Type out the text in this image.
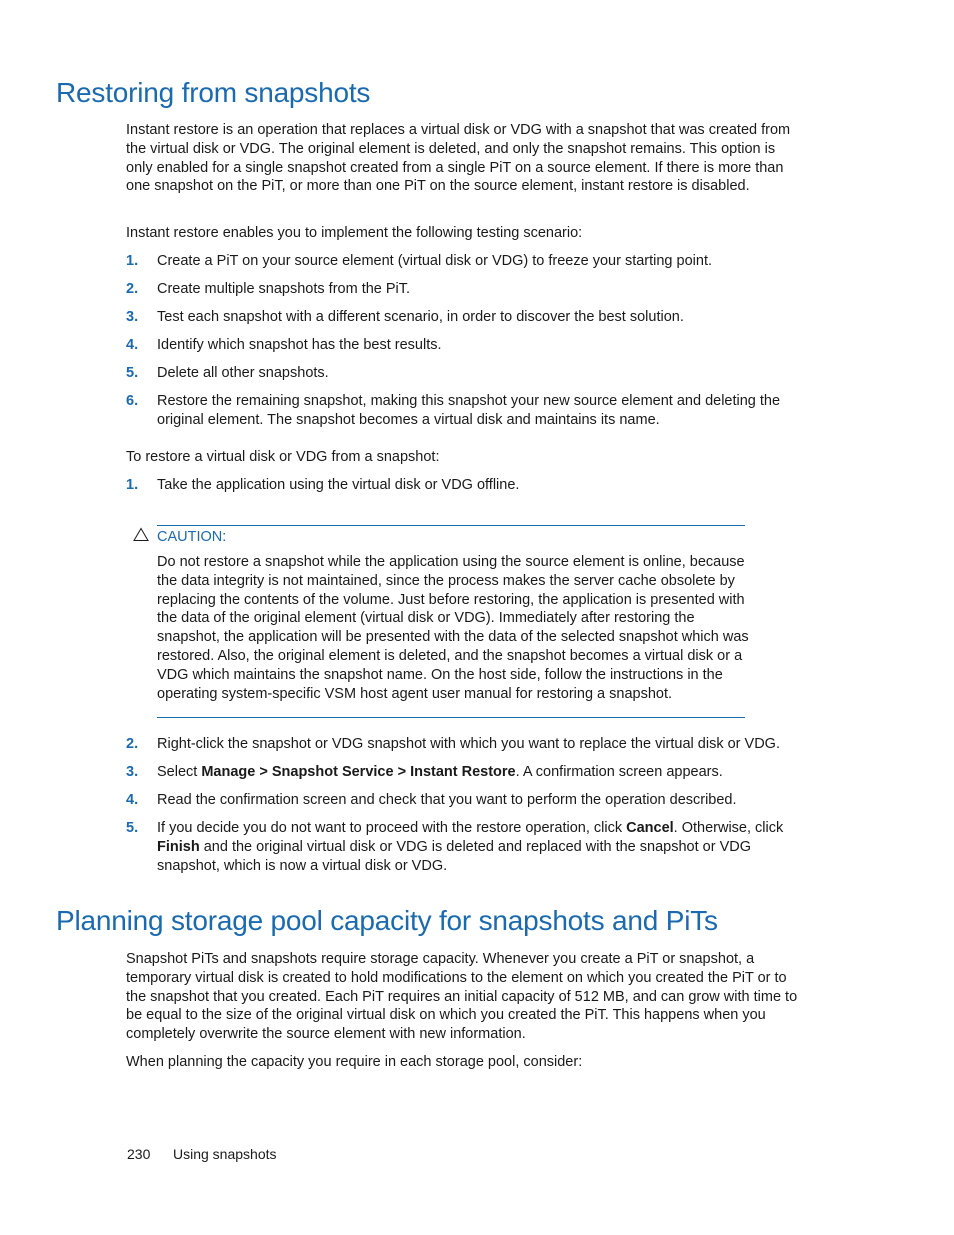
Restoring from snapshots

Instant restore is an operation that replaces a virtual disk or VDG with a snapshot that was created from the virtual disk or VDG. The original element is deleted, and only the snapshot remains. This option is only enabled for a single snapshot created from a single PiT on a source element. If there is more than one snapshot on the PiT, or more than one PiT on the source element, instant restore is disabled.

Instant restore enables you to implement the following testing scenario:

1. Create a PiT on your source element (virtual disk or VDG) to freeze your starting point.
2. Create multiple snapshots from the PiT.
3. Test each snapshot with a different scenario, in order to discover the best solution.
4. Identify which snapshot has the best results.
5. Delete all other snapshots.
6. Restore the remaining snapshot, making this snapshot your new source element and deleting the original element. The snapshot becomes a virtual disk and maintains its name.

To restore a virtual disk or VDG from a snapshot:

1. Take the application using the virtual disk or VDG offline.
CAUTION:

Do not restore a snapshot while the application using the source element is online, because the data integrity is not maintained, since the process makes the server cache obsolete by replacing the contents of the volume. Just before restoring, the application is presented with the data of the original element (virtual disk or VDG). Immediately after restoring the snapshot, the application will be presented with the data of the selected snapshot which was restored. Also, the original element is deleted, and the snapshot becomes a virtual disk or a VDG which maintains the snapshot name. On the host side, follow the instructions in the operating system-specific VSM host agent user manual for restoring a snapshot.

2. Right-click the snapshot or VDG snapshot with which you want to replace the virtual disk or VDG.
3. Select Manage > Snapshot Service > Instant Restore. A confirmation screen appears.
4. Read the confirmation screen and check that you want to perform the operation described.
5. If you decide you do not want to proceed with the restore operation, click Cancel. Otherwise, click Finish and the original virtual disk or VDG is deleted and replaced with the snapshot or VDG snapshot, which is now a virtual disk or VDG.
Planning storage pool capacity for snapshots and PiTs

Snapshot PiTs and snapshots require storage capacity. Whenever you create a PiT or snapshot, a temporary virtual disk is created to hold modifications to the element on which you created the PiT or to the snapshot that you created. Each PiT requires an initial capacity of 512 MB, and can grow with time to be equal to the size of the original virtual disk on which you created the PiT. This happens when you completely overwrite the source element with new information.

When planning the capacity you require in each storage pool, consider:

230 Using snapshots
